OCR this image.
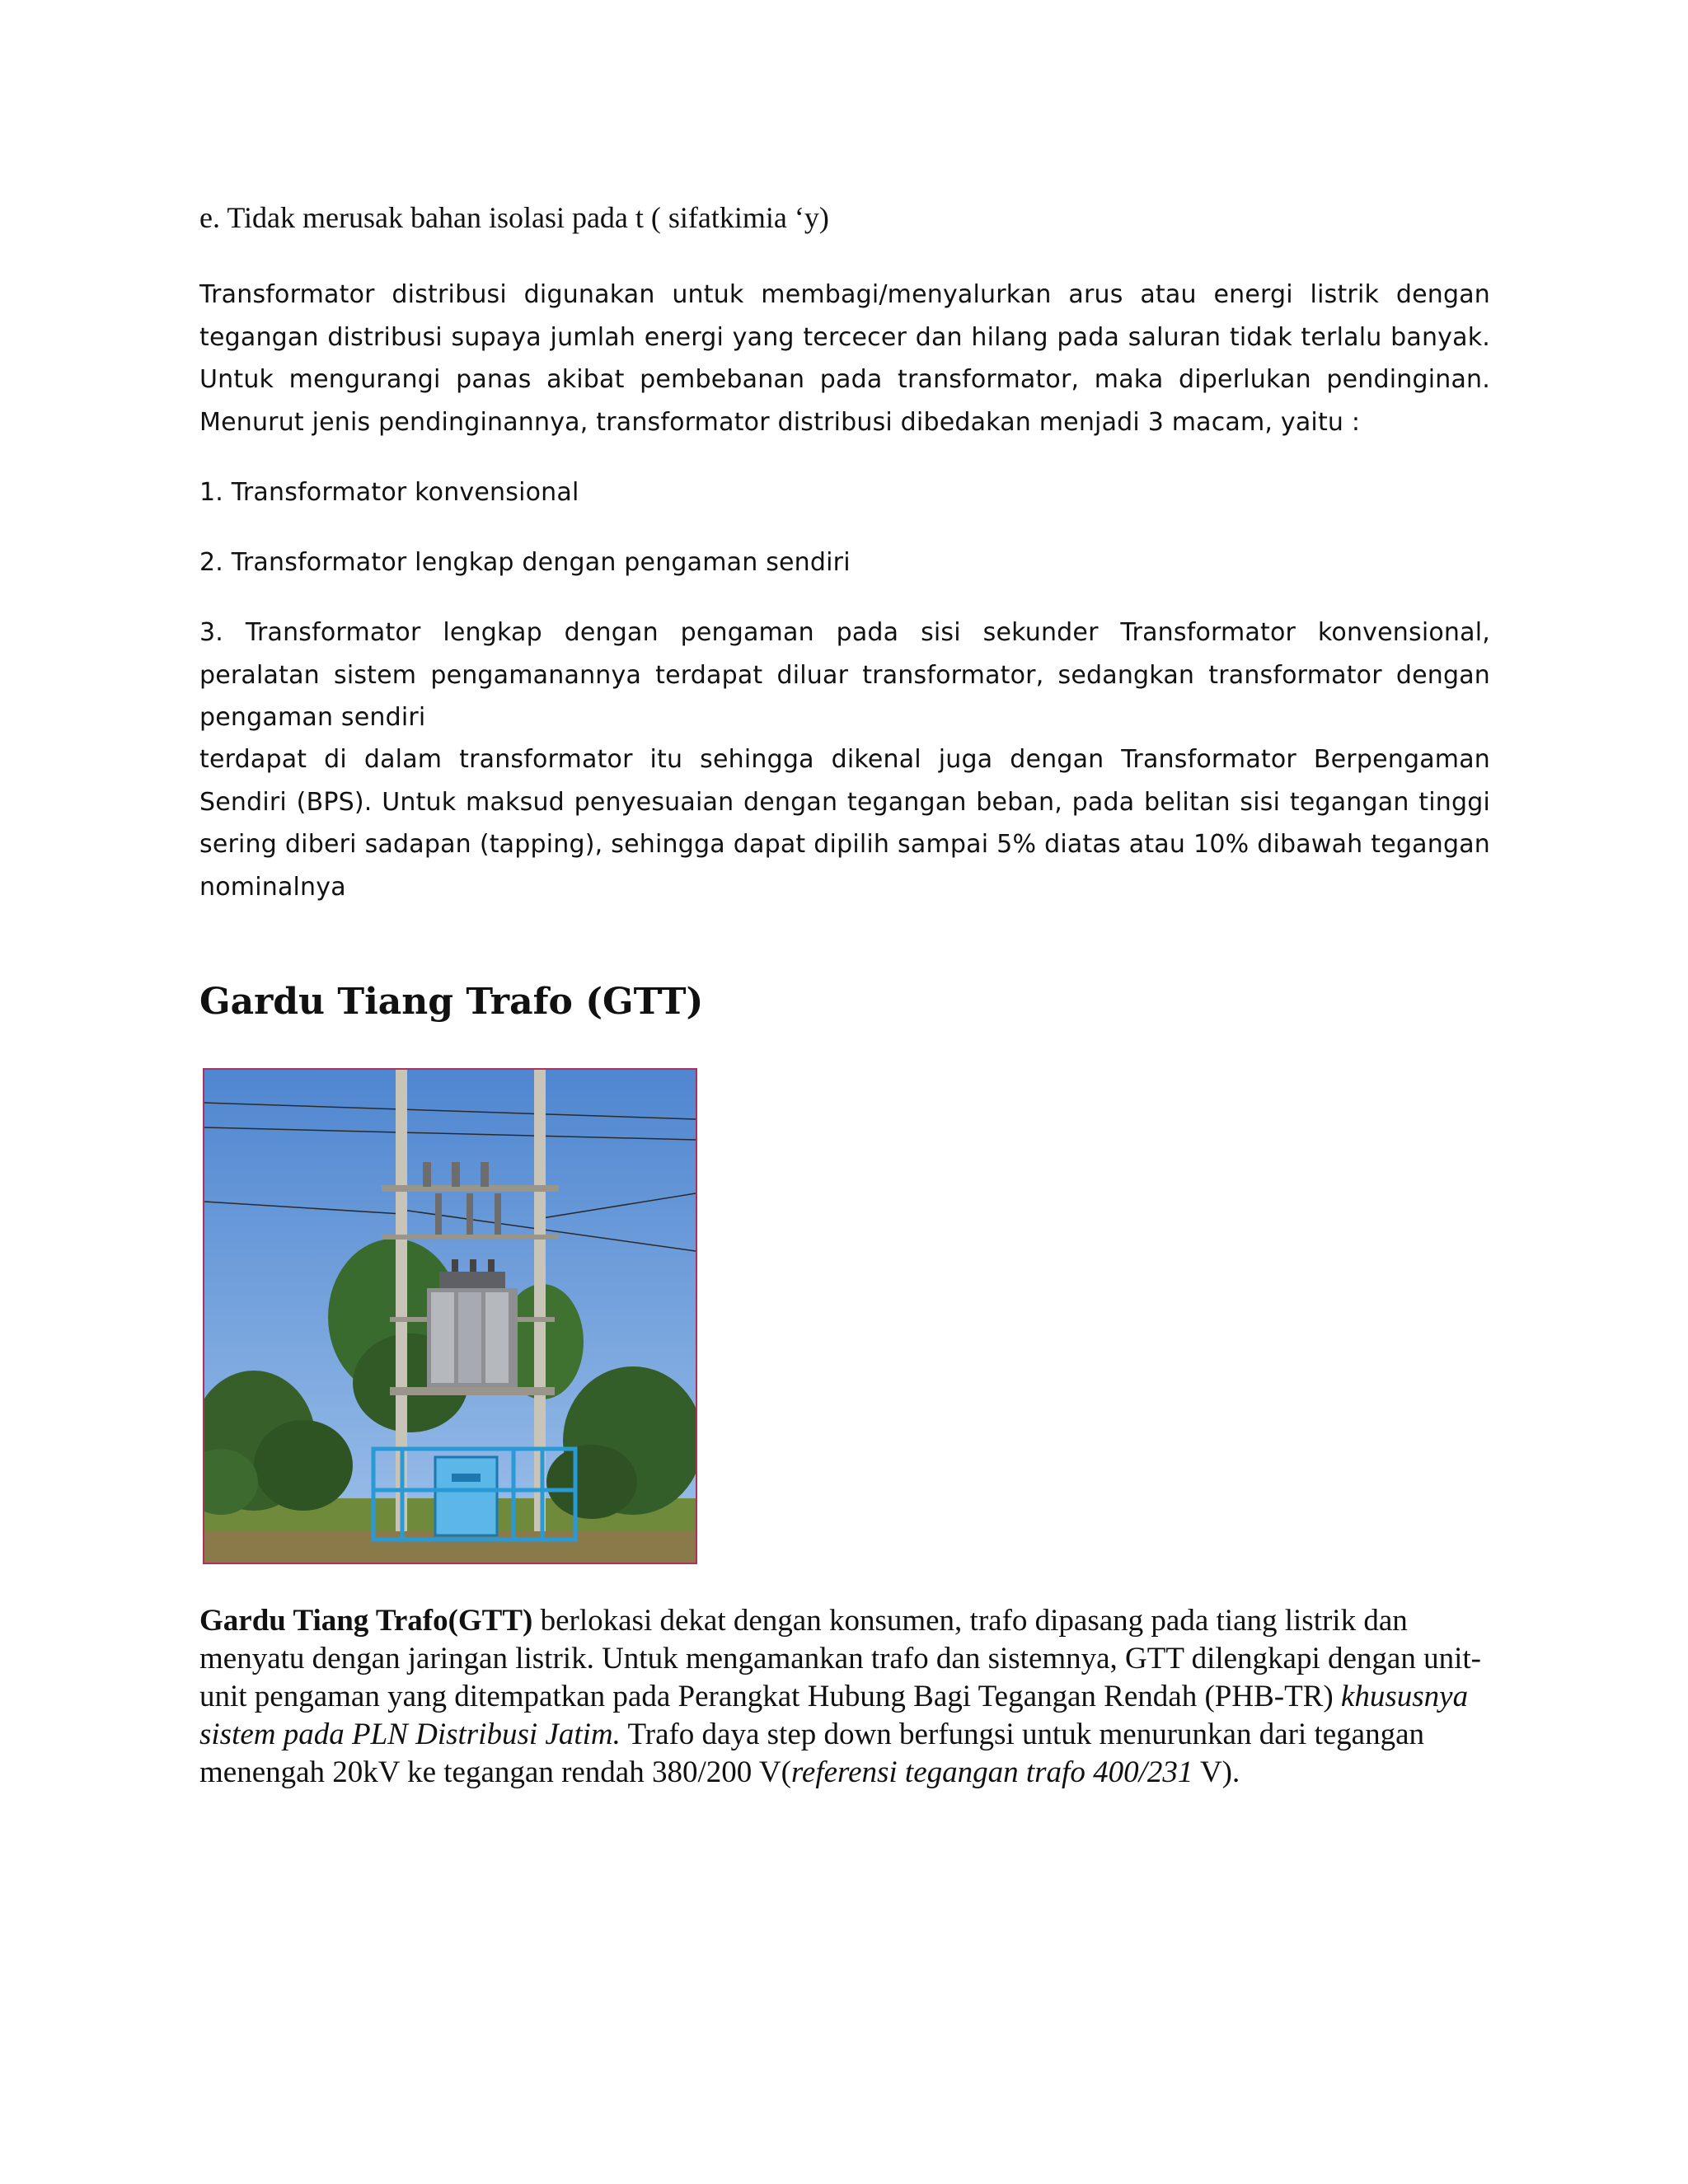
e. Tidak merusak bahan isolasi pada t ( sifatkimia ‘y)

Transformator distribusi digunakan untuk membagi/menyalurkan arus atau energi listrik dengan tegangan distribusi supaya jumlah energi yang tercecer dan hilang pada saluran tidak terlalu banyak. Untuk mengurangi panas akibat pembebanan pada transformator, maka diperlukan pendinginan. Menurut jenis pendinginannya, transformator distribusi dibedakan menjadi 3 macam, yaitu :

1. Transformator konvensional
2. Transformator lengkap dengan pengaman sendiri

3. Transformator lengkap dengan pengaman pada sisi sekunder Transformator konvensional, peralatan sistem pengamanannya terdapat diluar transformator, sedangkan transformator dengan pengaman sendiri

terdapat di dalam transformator itu sehingga dikenal juga dengan Transformator Berpengaman Sendiri (BPS). Untuk maksud penyesuaian dengan tegangan beban, pada belitan sisi tegangan tinggi sering diberi sadapan (tapping), sehingga dapat dipilih sampai 5% diatas atau 10% dibawah tegangan nominalnya

Gardu Tiang Trafo (GTT)

Gardu Tiang Trafo(GTT) berlokasi dekat dengan konsumen, trafo dipasang pada tiang listrik dan menyatu dengan jaringan listrik. Untuk mengamankan trafo dan sistemnya, GTT dilengkapi dengan unit-unit pengaman yang ditempatkan pada Perangkat Hubung Bagi Tegangan Rendah (PHB-TR) khususnya sistem pada PLN Distribusi Jatim. Trafo daya step down berfungsi untuk menurunkan dari tegangan menengah 20kV ke tegangan rendah 380/200 V(referensi tegangan trafo 400/231 V).
